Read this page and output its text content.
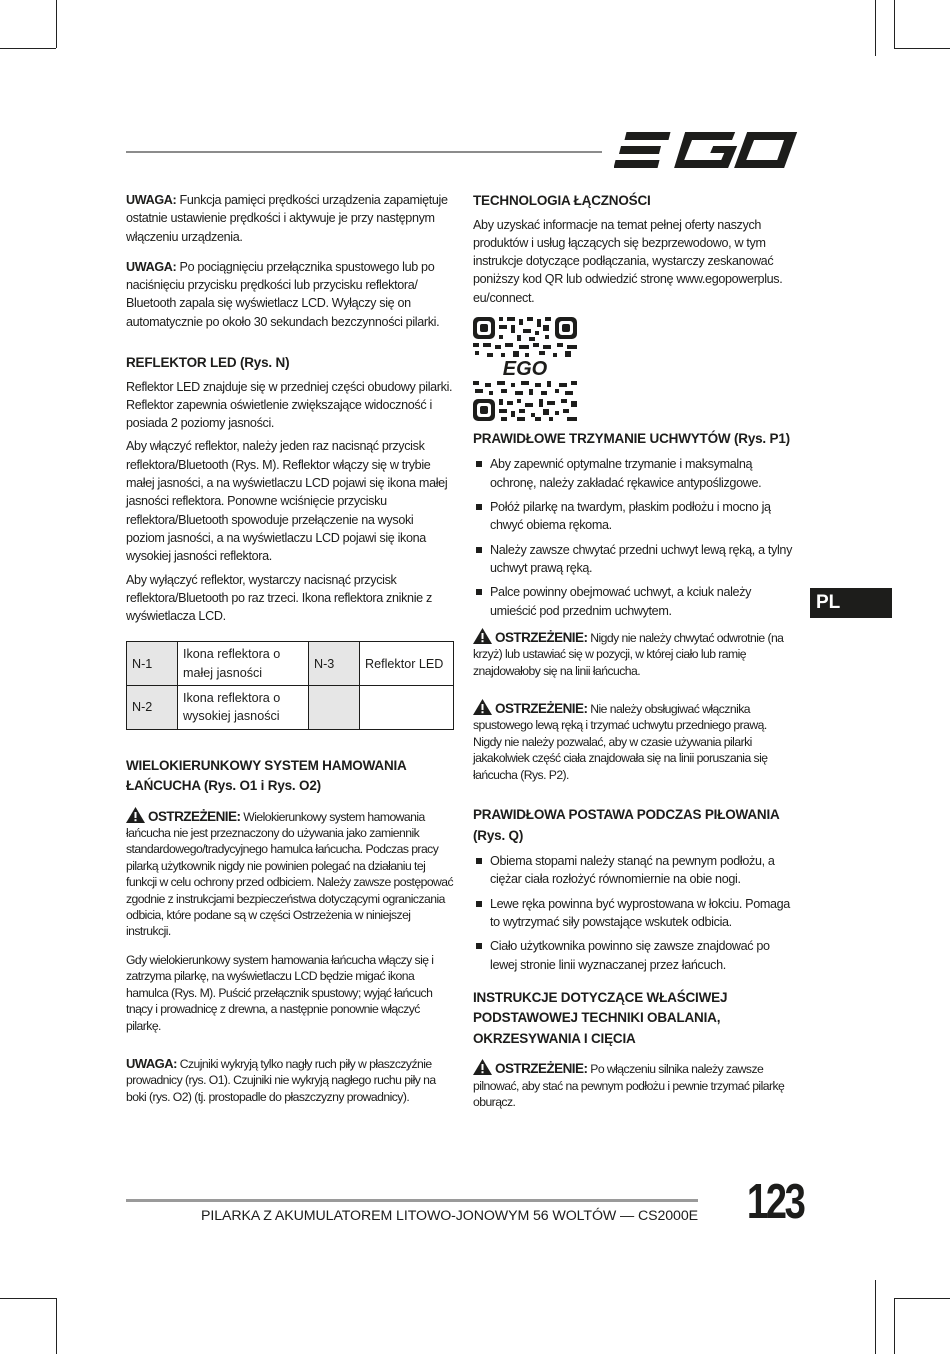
UWAGA: Funkcja pamięci prędkości urządzenia zapamiętuje ostatnie ustawienie prędkości i aktywuje je przy następnym włączeniu urządzenia.

UWAGA: Po pociągnięciu przełącznika spustowego lub po naciśnięciu przycisku prędkości lub przycisku reflektora/ Bluetooth zapala się wyświetlacz LCD. Wyłączy się on automatycznie po około 30 sekundach bezczynności pilarki.

REFLEKTOR LED (Rys. N)

Reflektor LED znajduje się w przedniej części obudowy pilarki. Reflektor zapewnia oświetlenie zwiększające widoczność i posiada 2 poziomy jasności.

Aby włączyć reflektor, należy jeden raz nacisnąć przycisk reflektora/Bluetooth (Rys. M). Reflektor włączy się w trybie małej jasności, a na wyświetlaczu LCD pojawi się ikona małej jasności reflektora. Ponowne wciśnięcie przycisku reflektora/Bluetooth spowoduje przełączenie na wysoki poziom jasności, a na wyświetlaczu LCD pojawi się ikona wysokiej jasności reflektora.

Aby wyłączyć reflektor, wystarczy nacisnąć przycisk reflektora/Bluetooth po raz trzeci. Ikona reflektora zniknie z wyświetlacza LCD.

N-1	Ikona reflektora o małej jasności	N-3	Reflektor LED
N-2	Ikona reflektora o wysokiej jasności		
WIELOKIERUNKOWY SYSTEM HAMOWANIA ŁAŃCUCHA (Rys. O1 i Rys. O2)

OSTRZEŻENIE: Wielokierunkowy system hamowania łańcucha nie jest przeznaczony do używania jako zamiennik standardowego/tradycyjnego hamulca łańcucha. Podczas pracy pilarką użytkownik nigdy nie powinien polegać na działaniu tej funkcji w celu ochrony przed odbiciem. Należy zawsze postępować zgodnie z instrukcjami bezpieczeństwa dotyczącymi ograniczania odbicia, które podane są w części Ostrzeżenia w niniejszej instrukcji.

Gdy wielokierunkowy system hamowania łańcucha włączy się i zatrzyma pilarkę, na wyświetlaczu LCD będzie migać ikona hamulca (Rys. M). Puścić przełącznik spustowy; wyjąć łańcuch tnący i prowadnicę z drewna, a następnie ponownie włączyć pilarkę.

UWAGA: Czujniki wykryją tylko nagły ruch piły w płaszczyźnie prowadnicy (rys. O1). Czujniki nie wykryją nagłego ruchu piły na boki (rys. O2) (tj. prostopadle do płaszczyzny prowadnicy).

TECHNOLOGIA ŁĄCZNOŚCI

Aby uzyskać informacje na temat pełnej oferty naszych produktów i usług łączących się bezprzewodowo, w tym instrukcje dotyczące podłączania, wystarczy zeskanować poniższy kod QR lub odwiedzić stronę www.egopowerplus. eu/connect.

EGO
PRAWIDŁOWE TRZYMANIE UCHWYTÓW (Rys. P1)
Aby zapewnić optymalne trzymanie i maksymalną ochronę, należy zakładać rękawice antypoślizgowe.
Połóż pilarkę na twardym, płaskim podłożu i mocno ją chwyć obiema rękoma.
Należy zawsze chwytać przedni uchwyt lewą ręką, a tylny uchwyt prawą ręką.
Palce powinny obejmować uchwyt, a kciuk należy umieścić pod przednim uchwytem.

OSTRZEŻENIE: Nigdy nie należy chwytać odwrotnie (na krzyż) lub ustawiać się w pozycji, w której ciało lub ramię znajdowałoby się na linii łańcucha.

OSTRZEŻENIE: Nie należy obsługiwać włącznika spustowego lewą ręką i trzymać uchwytu przedniego prawą. Nigdy nie należy pozwalać, aby w czasie używania pilarki jakakolwiek część ciała znajdowała się na linii poruszania się łańcucha (Rys. P2).

PRAWIDŁOWA POSTAWA PODCZAS PIŁOWANIA (Rys. Q)
Obiema stopami należy stanąć na pewnym podłożu, a ciężar ciała rozłożyć równomiernie na obie nogi.
Lewe ręka powinna być wyprostowana w łokciu. Pomaga to wytrzymać siły powstające wskutek odbicia.
Ciało użytkownika powinno się zawsze znajdować po lewej stronie linii wyznaczanej przez łańcuch.
INSTRUKCJE DOTYCZĄCE WŁAŚCIWEJ PODSTAWOWEJ TECHNIKI OBALANIA, OKRZESYWANIA I CIĘCIA

OSTRZEŻENIE: Po włączeniu silnika należy zawsze pilnować, aby stać na pewnym podłożu i pewnie trzymać pilarkę oburącz.

PL
PILARKA Z AKUMULATOREM LITOWO-JONOWYM 56 WOLTÓW — CS2000E 123
